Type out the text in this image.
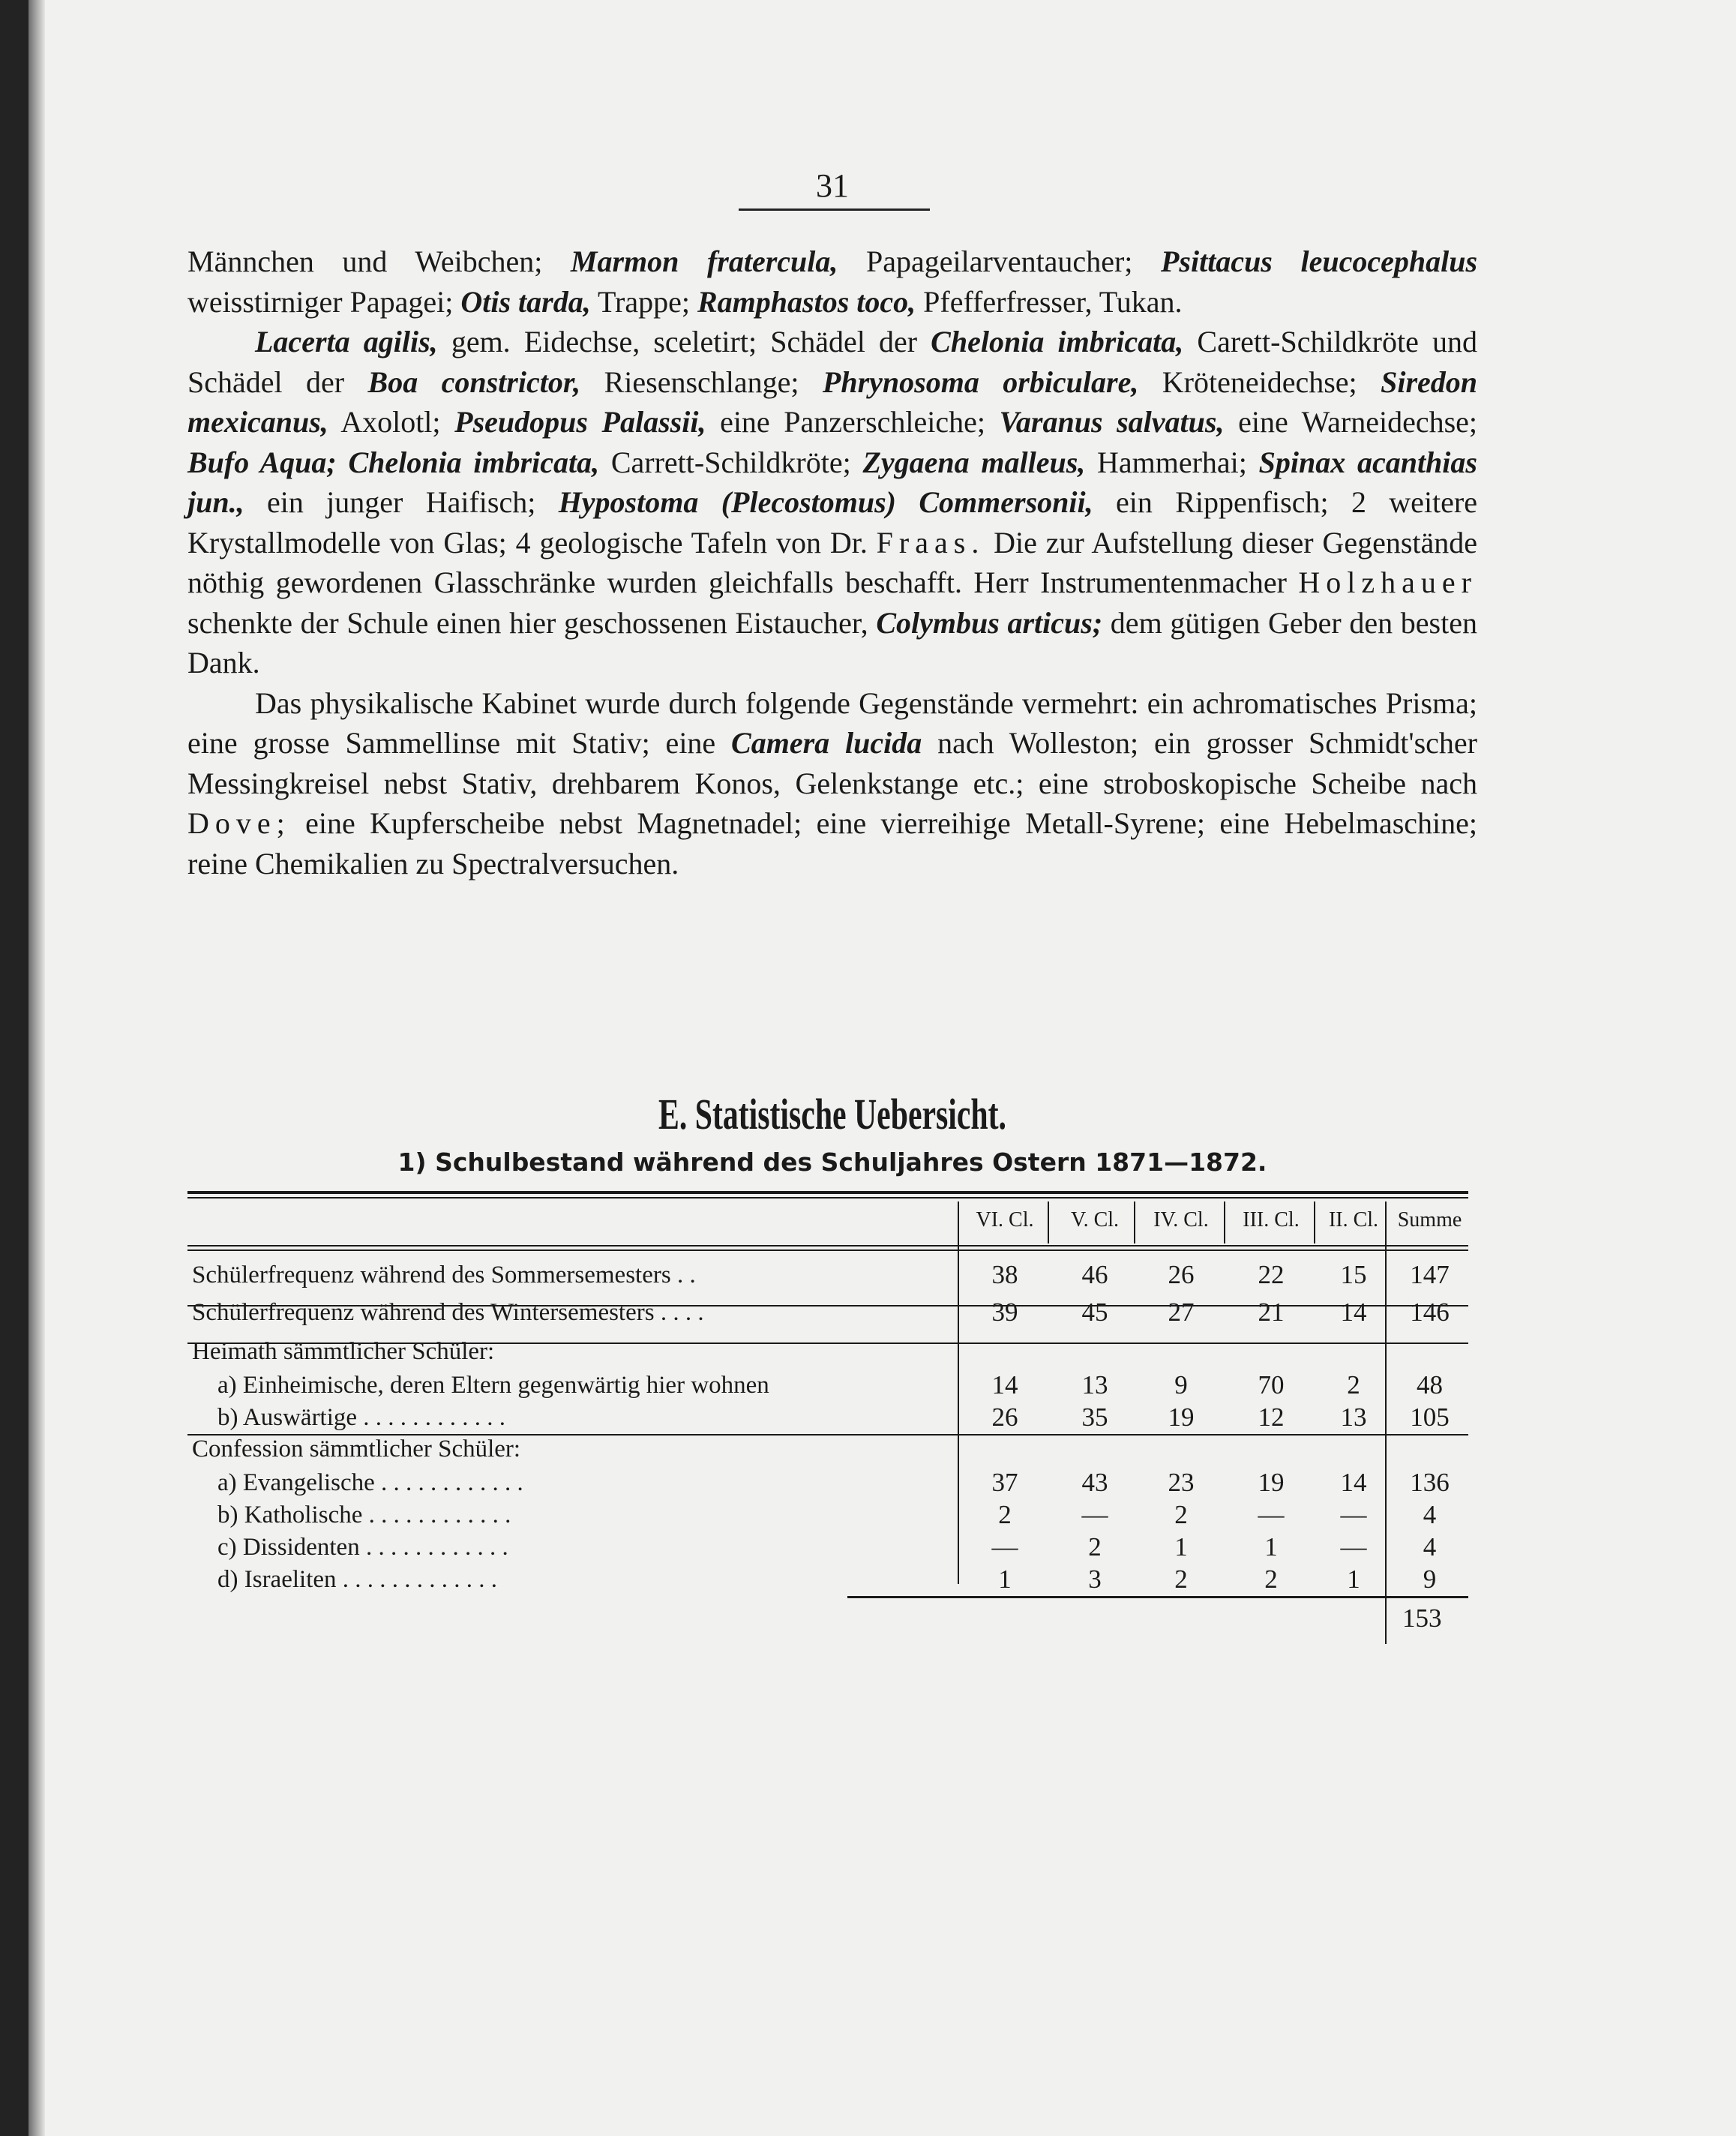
31

Männchen und Weibchen; Marmon fratercula, Papageilarventaucher; Psittacus leucocephalus weisstirniger Papagei; Otis tarda, Trappe; Ramphastos toco, Pfefferfresser, Tukan.

Lacerta agilis, gem. Eidechse, sceletirt; Schädel der Chelonia imbricata, Carett-Schildkröte und Schädel der Boa constrictor, Riesenschlange; Phrynosoma orbiculare, Krötenеidechse; Siredon mexicanus, Axolotl; Pseudopus Palassii, eine Panzerschleiche; Varanus salvatus, eine Warneidechse; Bufo Aqua; Chelonia imbricata, Carrett-Schildkröte; Zygaena malleus, Hammerhai; Spinax acanthias jun., ein junger Haifisch; Hypostoma (Plecostomus) Commersonii, ein Rippenfisch; 2 weitere Krystallmodelle von Glas; 4 geologische Tafeln von Dr. Fraas. Die zur Aufstellung dieser Gegenstände nöthig gewordenen Glasschränke wurden gleichfalls beschafft. Herr Instrumentenmacher Holzhauer schenkte der Schule einen hier geschossenen Eistaucher, Colymbus articus; dem gütigen Geber den besten Dank.

Das physikalische Kabinet wurde durch folgende Gegenstände vermehrt: ein achromatisches Prisma; eine grosse Sammellinse mit Stativ; eine Camera lucida nach Wolleston; ein grosser Schmidt'scher Messingkreisel nebst Stativ, drehbarem Konos, Gelenkstange etc.; eine stroboskopische Scheibe nach Dove; eine Kupferscheibe nebst Magnetnadel; eine vierreihige Metall-Syrene; eine Hebelmaschine; reine Chemikalien zu Spectralversuchen.

E. Statistische Uebersicht.
1) Schulbestand während des Schuljahres Ostern 1871—1872.
VI. Cl.	V. Cl.	IV. Cl.	III. Cl.	II. Cl. Summe
Schülerfrequenz während des Sommersemesters . .	38	46	26	22	15	147
Schülerfrequenz während des Wintersemesters . . . .	39	45	27	21	14	146
Heimath sämmtlicher Schüler:
a) Einheimische, deren Eltern gegenwärtig hier wohnen	14	13	9	70	2	48
b) Auswärtige . . . . . . . . . . . .	26	35	19	12	13	105
Confession sämmtlicher Schüler:
a) Evangelische . . . . . . . . . . . .	37	43	23	19	14	136
b) Katholische . . . . . . . . . . . .	2	—	2	—	—	4
c) Dissidenten . . . . . . . . . . . .	—	2	1	1	—	4
d) Israeliten . . . . . . . . . . . . .	1	3	2	2	1	9
153
